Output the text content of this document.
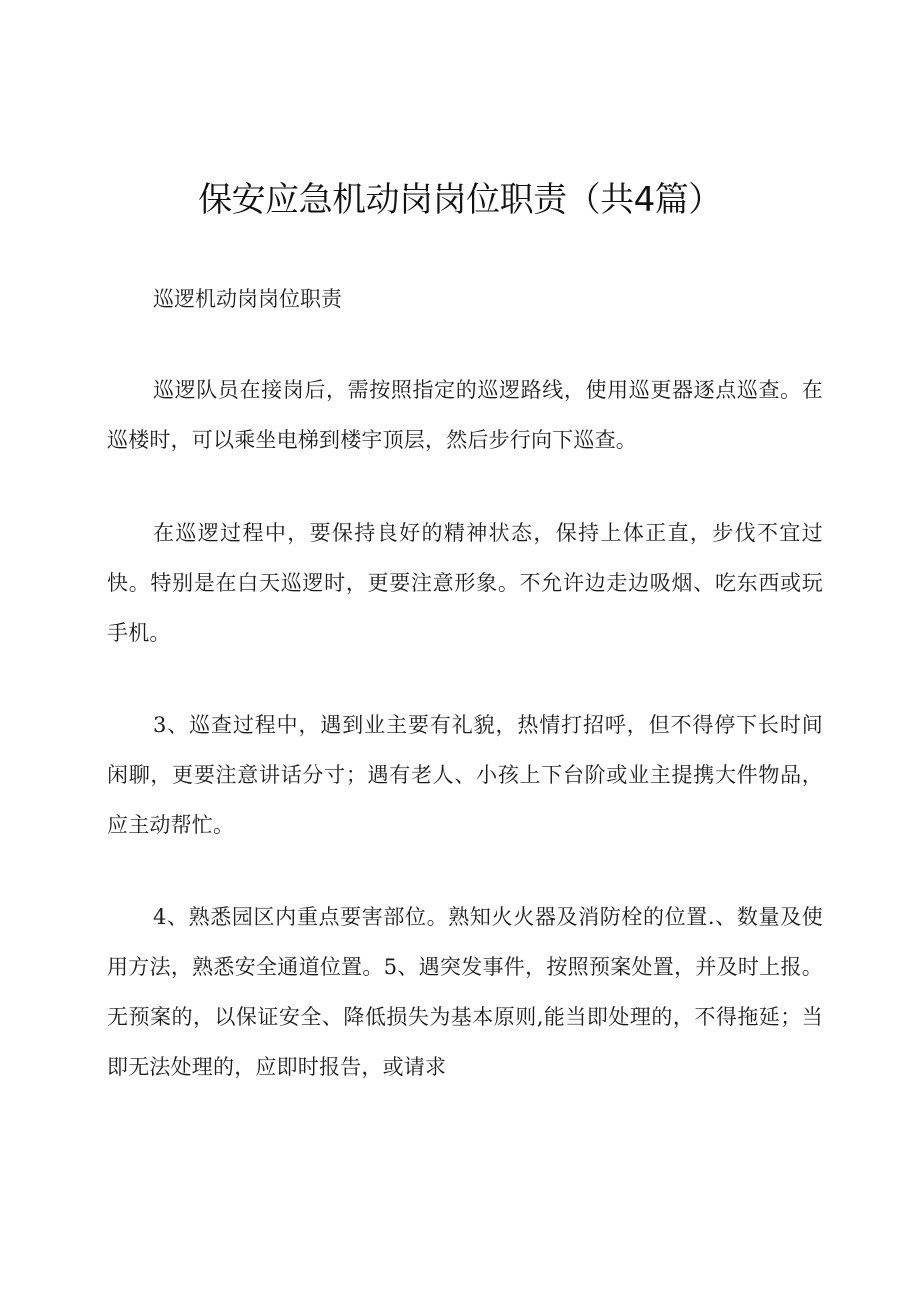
保安应急机动岗岗位职责（共4篇）

巡逻机动岗岗位职责

巡逻队员在接岗后，需按照指定的巡逻路线，使用巡更器逐点巡查。在巡楼时，可以乘坐电梯到楼宇顶层，然后步行向下巡查。

在巡逻过程中，要保持良好的精神状态，保持上体正直，步伐不宜过快。特别是在白天巡逻时，更要注意形象。不允许边走边吸烟、吃东西或玩手机。

3、巡查过程中，遇到业主要有礼貌，热情打招呼，但不得停下长时间闲聊，更要注意讲话分寸；遇有老人、小孩上下台阶或业主提携大件物品，应主动帮忙。

4、熟悉园区内重点要害部位。熟知火火器及消防栓的位置.、数量及使用方法，熟悉安全通道位置。5、遇突发事件，按照预案处置，并及时上报。无预案的，以保证安全、降低损失为基本原则,能当即处理的，不得拖延；当即无法处理的，应即时报告，或请求
